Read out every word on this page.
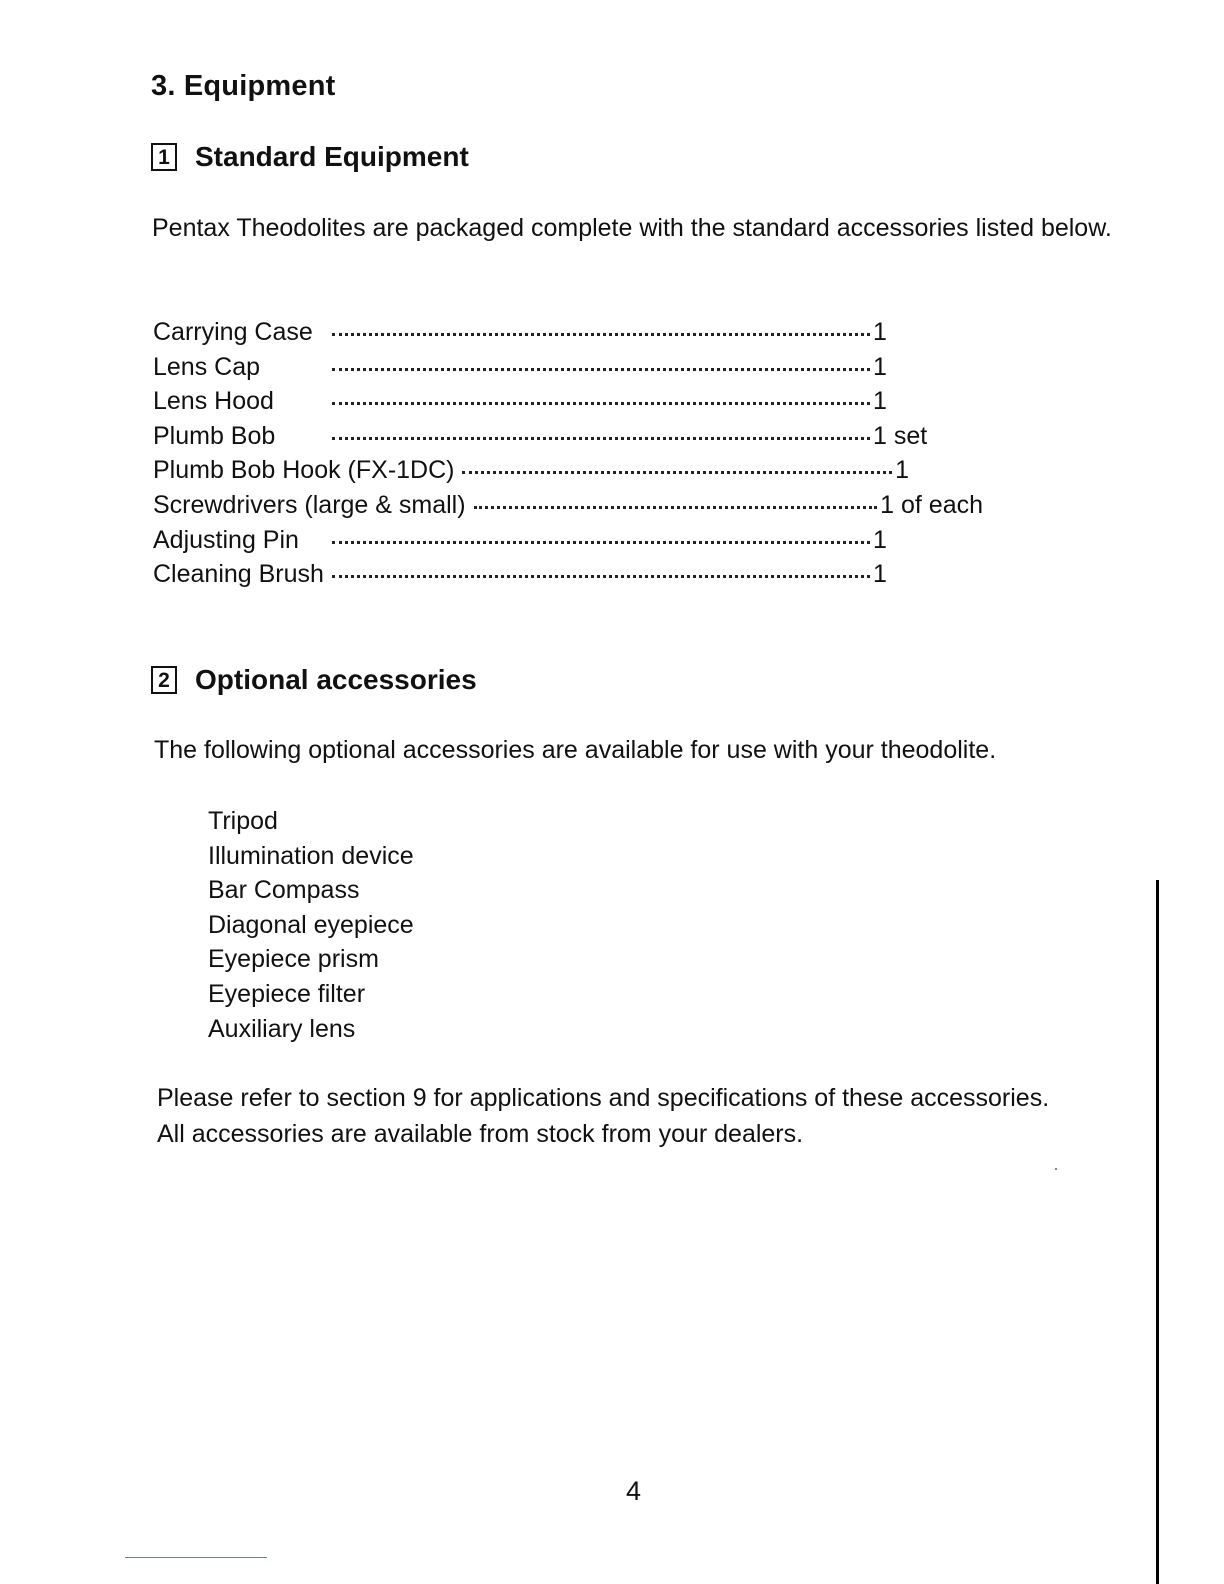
3. Equipment
1 Standard Equipment
Pentax Theodolites are packaged complete with the standard accessories listed below.
Carrying Case	1
Lens Cap	1
Lens Hood	1
Plumb Bob	1 set
Plumb Bob Hook (FX-1DC)	1
Screwdrivers (large & small)	1 of each
Adjusting Pin	1
Cleaning Brush	1
2 Optional accessories
The following optional accessories are available for use with your theodolite.
Tripod
Illumination device
Bar Compass
Diagonal eyepiece
Eyepiece prism
Eyepiece filter
Auxiliary lens
Please refer to section 9 for applications and specifications of these accessories.
All accessories are available from stock from your dealers.
4
